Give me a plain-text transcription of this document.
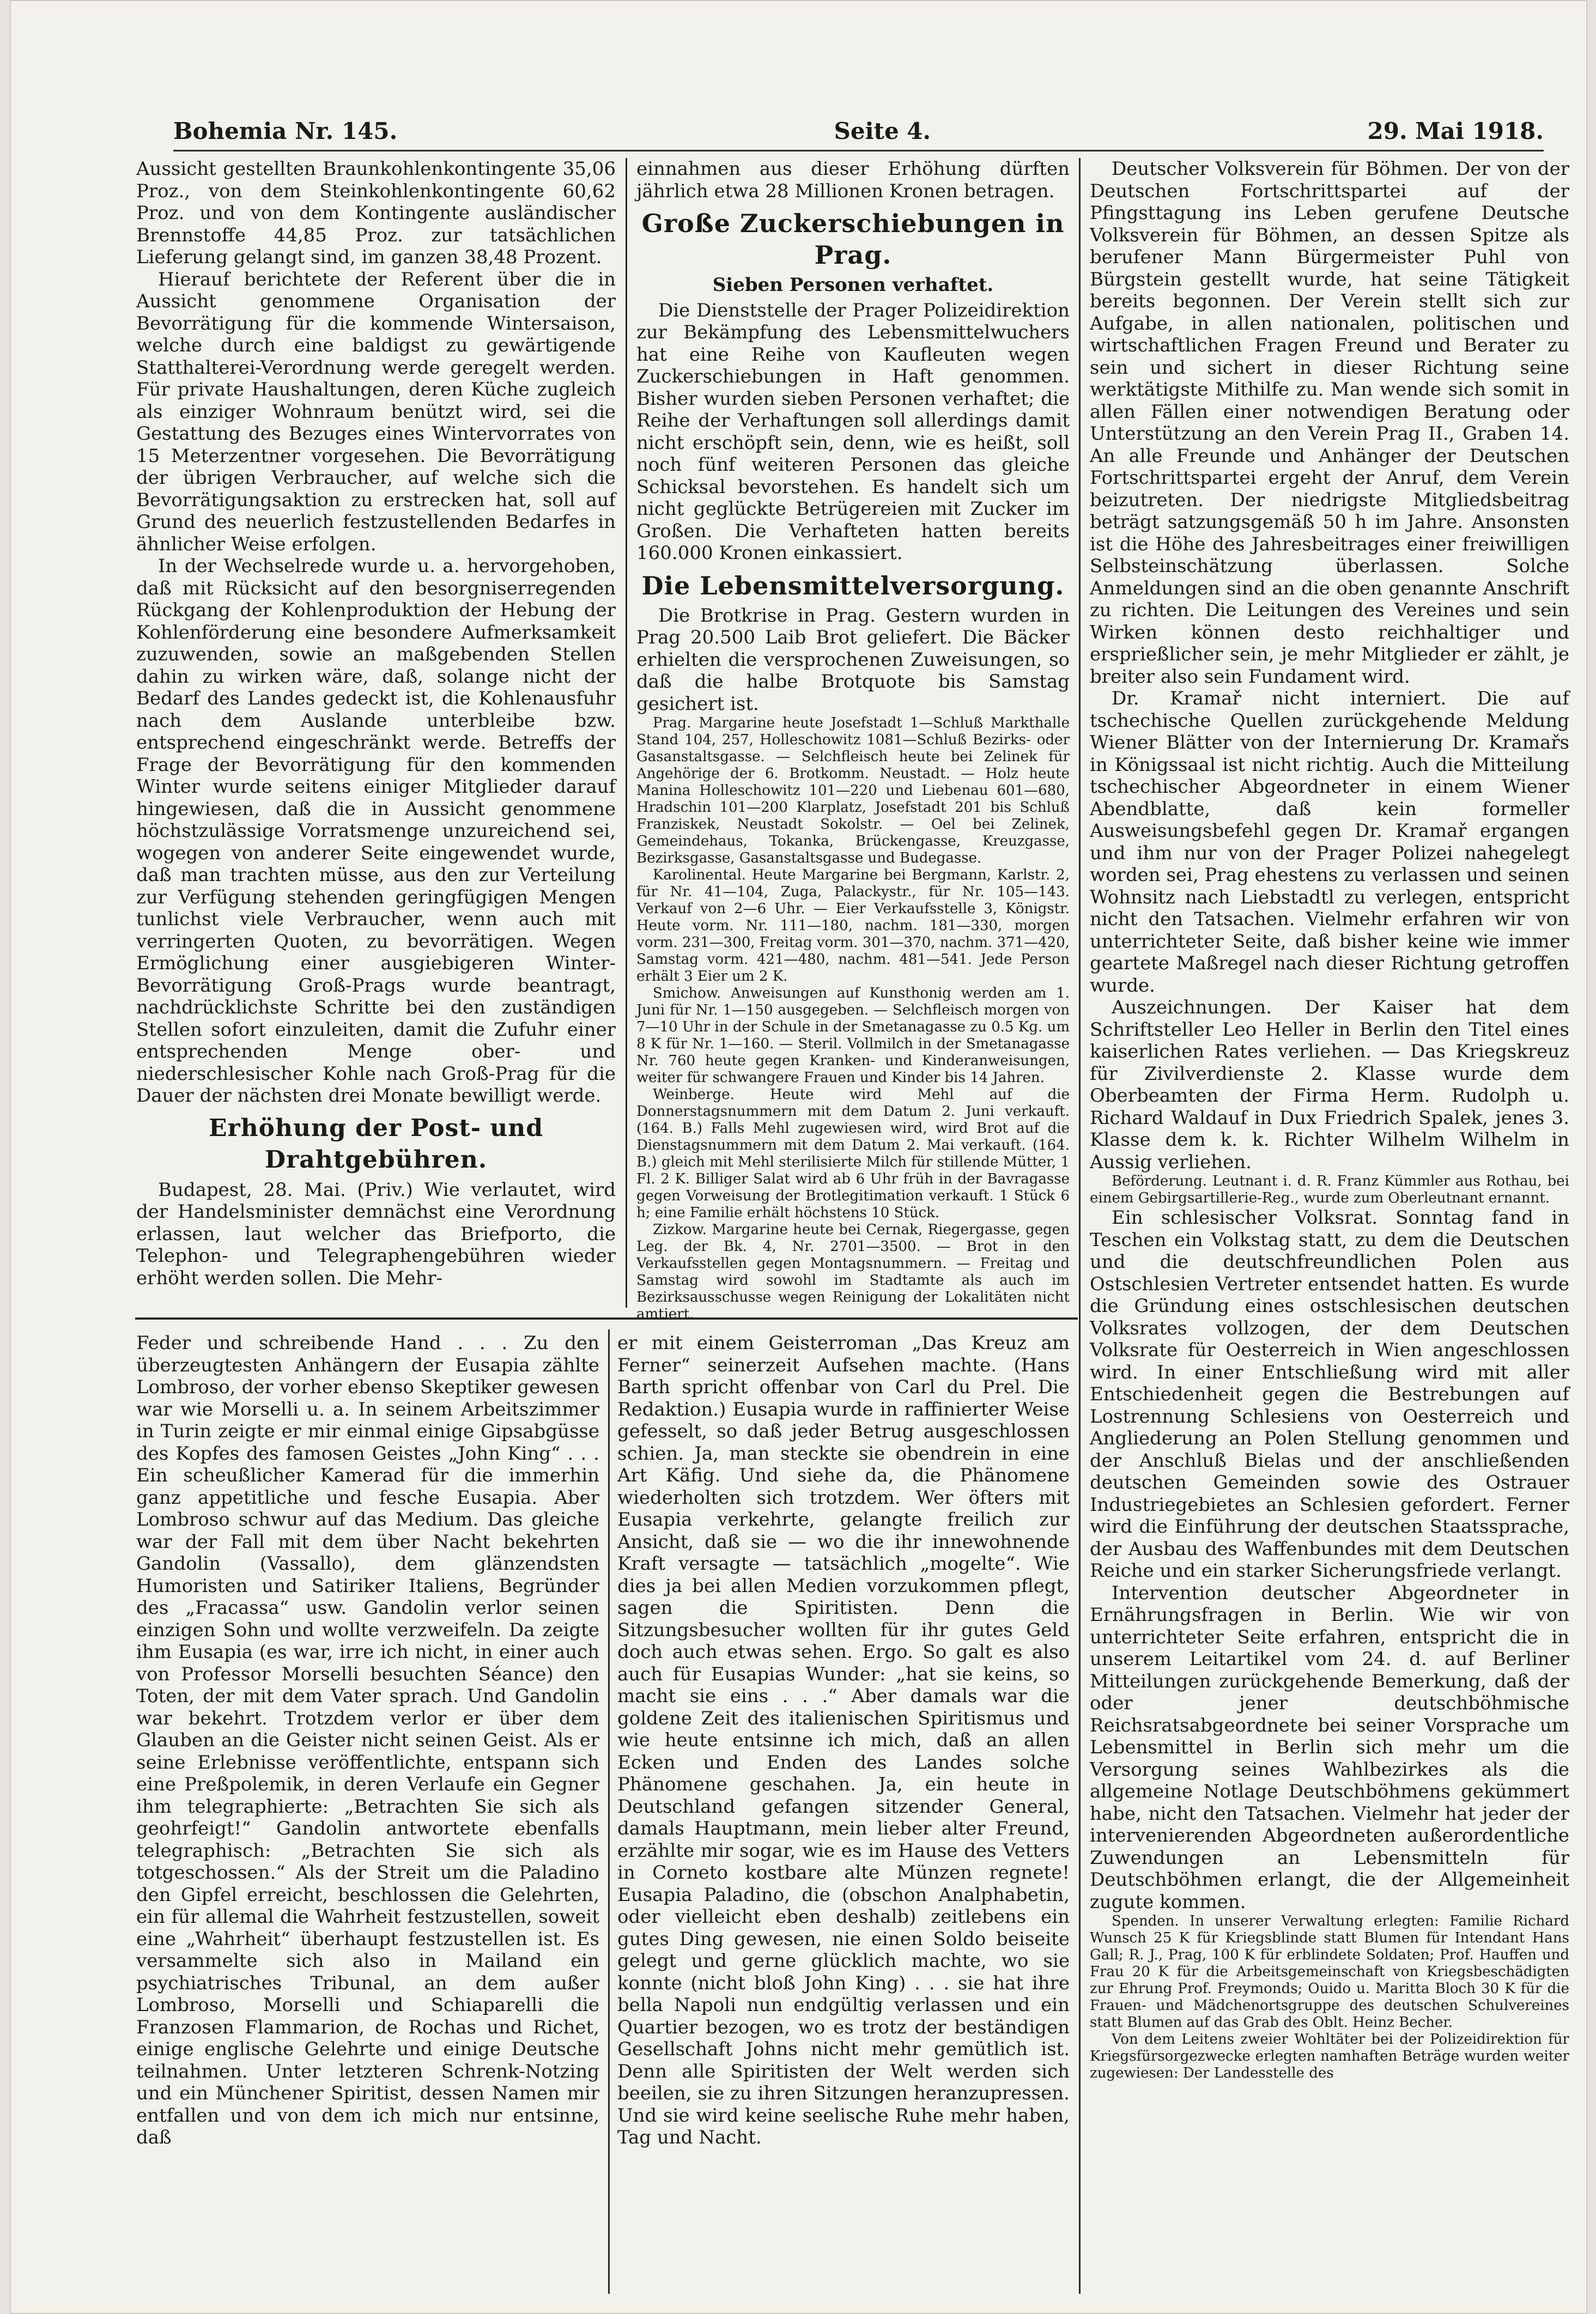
Bohemia Nr. 145.	Seite 4.	29. Mai 1918.

Aussicht gestellten Braunkohlenkontingente 35,06 Proz., von dem Steinkohlenkontingente 60,62 Proz. und von dem Kontingente ausländischer Brennstoffe 44,85 Proz. zur tatsächlichen Lieferung gelangt sind, im ganzen 38,48 Prozent.

Hierauf berichtete der Referent über die in Aussicht genommene Organisation der Bevorrätigung für die kommende Wintersaison, welche durch eine baldigst zu gewärtigende Statthalterei-Verordnung werde geregelt werden. Für private Haushaltungen, deren Küche zugleich als einziger Wohnraum benützt wird, sei die Gestattung des Bezuges eines Wintervorrates von 15 Meterzentner vorgesehen. Die Bevorrätigung der übrigen Verbraucher, auf welche sich die Bevorrätigungsaktion zu erstrecken hat, soll auf Grund des neuerlich festzustellenden Bedarfes in ähnlicher Weise erfolgen.

In der Wechselrede wurde u. a. hervorgehoben, daß mit Rücksicht auf den besorgniserregenden Rückgang der Kohlenproduktion der Hebung der Kohlenförderung eine besondere Aufmerksamkeit zuzuwenden, sowie an maßgebenden Stellen dahin zu wirken wäre, daß, solange nicht der Bedarf des Landes gedeckt ist, die Kohlenausfuhr nach dem Auslande unterbleibe bzw. entsprechend eingeschränkt werde. Betreffs der Frage der Bevorrätigung für den kommenden Winter wurde seitens einiger Mitglieder darauf hingewiesen, daß die in Aussicht genommene höchstzulässige Vorratsmenge unzureichend sei, wogegen von anderer Seite eingewendet wurde, daß man trachten müsse, aus den zur Verteilung zur Verfügung stehenden geringfügigen Mengen tunlichst viele Verbraucher, wenn auch mit verringerten Quoten, zu bevorrätigen. Wegen Ermöglichung einer ausgiebigeren Winter-Bevorrätigung Groß-Prags wurde beantragt, nachdrücklichste Schritte bei den zuständigen Stellen sofort einzuleiten, damit die Zufuhr einer entsprechenden Menge ober- und niederschlesischer Kohle nach Groß-Prag für die Dauer der nächsten drei Monate bewilligt werde.

Erhöhung der Post- und Drahtgebühren.

Budapest, 28. Mai. (Priv.) Wie verlautet, wird der Handelsminister demnächst eine Verordnung erlassen, laut welcher das Briefporto, die Telephon- und Telegraphengebühren wieder erhöht werden sollen. Die Mehr-

einnahmen aus dieser Erhöhung dürften jährlich etwa 28 Millionen Kronen betragen.

Große Zuckerschiebungen in Prag.
Sieben Personen verhaftet.

Die Dienststelle der Prager Polizeidirektion zur Bekämpfung des Lebensmittelwuchers hat eine Reihe von Kaufleuten wegen Zuckerschiebungen in Haft genommen. Bisher wurden sieben Personen verhaftet; die Reihe der Verhaftungen soll allerdings damit nicht erschöpft sein, denn, wie es heißt, soll noch fünf weiteren Personen das gleiche Schicksal bevorstehen. Es handelt sich um nicht geglückte Betrügereien mit Zucker im Großen. Die Verhafteten hatten bereits 160.000 Kronen einkassiert.

Die Lebensmittelversorgung.

Die Brotkrise in Prag. Gestern wurden in Prag 20.500 Laib Brot geliefert. Die Bäcker erhielten die versprochenen Zuweisungen, so daß die halbe Brotquote bis Samstag gesichert ist.

Prag. Margarine heute Josefstadt 1—Schluß Markthalle Stand 104, 257, Holleschowitz 1081—Schluß Bezirks- oder Gasanstaltsgasse. — Selchfleisch heute bei Zelinek für Angehörige der 6. Brotkomm. Neustadt. — Holz heute Manina Holleschowitz 101—220 und Liebenau 601—680, Hradschin 101—200 Klarplatz, Josefstadt 201 bis Schluß Franziskek, Neustadt Sokolstr. — Oel bei Zelinek, Gemeindehaus, Tokanka, Brückengasse, Kreuzgasse, Bezirksgasse, Gasanstaltsgasse und Budegasse.

Karolinental. Heute Margarine bei Bergmann, Karlstr. 2, für Nr. 41—104, Zuga, Palackystr., für Nr. 105—143. Verkauf von 2—6 Uhr. — Eier Verkaufsstelle 3, Königstr. Heute vorm. Nr. 111—180, nachm. 181—330, morgen vorm. 231—300, Freitag vorm. 301—370, nachm. 371—420, Samstag vorm. 421—480, nachm. 481—541. Jede Person erhält 3 Eier um 2 K.

Smichow. Anweisungen auf Kunsthonig werden am 1. Juni für Nr. 1—150 ausgegeben. — Selchfleisch morgen von 7—10 Uhr in der Schule in der Smetanagasse zu 0.5 Kg. um 8 K für Nr. 1—160. — Steril. Vollmilch in der Smetanagasse Nr. 760 heute gegen Kranken- und Kinderanweisungen, weiter für schwangere Frauen und Kinder bis 14 Jahren.

Weinberge. Heute wird Mehl auf die Donnerstagsnummern mit dem Datum 2. Juni verkauft. (164. B.) Falls Mehl zugewiesen wird, wird Brot auf die Dienstagsnummern mit dem Datum 2. Mai verkauft. (164. B.) gleich mit Mehl sterilisierte Milch für stillende Mütter, 1 Fl. 2 K. Billiger Salat wird ab 6 Uhr früh in der Bavragasse gegen Vorweisung der Brotlegitimation verkauft. 1 Stück 6 h; eine Familie erhält höchstens 10 Stück.

Zizkow. Margarine heute bei Cernak, Riegergasse, gegen Leg. der Bk. 4, Nr. 2701—3500. — Brot in den Verkaufsstellen gegen Montagsnummern. — Freitag und Samstag wird sowohl im Stadtamte als auch im Bezirksausschusse wegen Reinigung der Lokalitäten nicht amtiert.

Deutscher Volksverein für Böhmen. Der von der Deutschen Fortschrittspartei auf der Pfingsttagung ins Leben gerufene Deutsche Volksverein für Böhmen, an dessen Spitze als berufener Mann Bürgermeister Puhl von Bürgstein gestellt wurde, hat seine Tätigkeit bereits begonnen. Der Verein stellt sich zur Aufgabe, in allen nationalen, politischen und wirtschaftlichen Fragen Freund und Berater zu sein und sichert in dieser Richtung seine werktätigste Mithilfe zu. Man wende sich somit in allen Fällen einer notwendigen Beratung oder Unterstützung an den Verein Prag II., Graben 14. An alle Freunde und Anhänger der Deutschen Fortschrittspartei ergeht der Anruf, dem Verein beizutreten. Der niedrigste Mitgliedsbeitrag beträgt satzungsgemäß 50 h im Jahre. Ansonsten ist die Höhe des Jahresbeitrages einer freiwilligen Selbsteinschätzung überlassen. Solche Anmeldungen sind an die oben genannte Anschrift zu richten. Die Leitungen des Vereines und sein Wirken können desto reichhaltiger und ersprießlicher sein, je mehr Mitglieder er zählt, je breiter also sein Fundament wird.

Dr. Kramař nicht interniert. Die auf tschechische Quellen zurückgehende Meldung Wiener Blätter von der Internierung Dr. Kramařs in Königssaal ist nicht richtig. Auch die Mitteilung tschechischer Abgeordneter in einem Wiener Abendblatte, daß kein formeller Ausweisungsbefehl gegen Dr. Kramař ergangen und ihm nur von der Prager Polizei nahegelegt worden sei, Prag ehestens zu verlassen und seinen Wohnsitz nach Liebstadtl zu verlegen, entspricht nicht den Tatsachen. Vielmehr erfahren wir von unterrichteter Seite, daß bisher keine wie immer geartete Maßregel nach dieser Richtung getroffen wurde.

Auszeichnungen. Der Kaiser hat dem Schriftsteller Leo Heller in Berlin den Titel eines kaiserlichen Rates verliehen. — Das Kriegskreuz für Zivilverdienste 2. Klasse wurde dem Oberbeamten der Firma Herm. Rudolph u. Richard Waldauf in Dux Friedrich Spalek, jenes 3. Klasse dem k. k. Richter Wilhelm Wilhelm in Aussig verliehen.

Beförderung. Leutnant i. d. R. Franz Kümmler aus Rothau, bei einem Gebirgsartillerie-Reg., wurde zum Oberleutnant ernannt.

Ein schlesischer Volksrat. Sonntag fand in Teschen ein Volkstag statt, zu dem die Deutschen und die deutschfreundlichen Polen aus Ostschlesien Vertreter entsendet hatten. Es wurde die Gründung eines ostschlesischen deutschen Volksrates vollzogen, der dem Deutschen Volksrate für Oesterreich in Wien angeschlossen wird. In einer Entschließung wird mit aller Entschiedenheit gegen die Bestrebungen auf Lostrennung Schlesiens von Oesterreich und Angliederung an Polen Stellung genommen und der Anschluß Bielas und der anschließenden deutschen Gemeinden sowie des Ostrauer Industriegebietes an Schlesien gefordert. Ferner wird die Einführung der deutschen Staatssprache, der Ausbau des Waffenbundes mit dem Deutschen Reiche und ein starker Sicherungsfriede verlangt.

Intervention deutscher Abgeordneter in Ernährungsfragen in Berlin. Wie wir von unterrichteter Seite erfahren, entspricht die in unserem Leitartikel vom 24. d. auf Berliner Mitteilungen zurückgehende Bemerkung, daß der oder jener deutschböhmische Reichsratsabgeordnete bei seiner Vorsprache um Lebensmittel in Berlin sich mehr um die Versorgung seines Wahlbezirkes als die allgemeine Notlage Deutschböhmens gekümmert habe, nicht den Tatsachen. Vielmehr hat jeder der intervenierenden Abgeordneten außerordentliche Zuwendungen an Lebensmitteln für Deutschböhmen erlangt, die der Allgemeinheit zugute kommen.

Spenden. In unserer Verwaltung erlegten: Familie Richard Wunsch 25 K für Kriegsblinde statt Blumen für Intendant Hans Gall; R. J., Prag, 100 K für erblindete Soldaten; Prof. Hauffen und Frau 20 K für die Arbeitsgemeinschaft von Kriegsbeschädigten zur Ehrung Prof. Freymonds; Ouido u. Maritta Bloch 30 K für die Frauen- und Mädchenortsgruppe des deutschen Schulvereines statt Blumen auf das Grab des Oblt. Heinz Becher.

Von dem Leitens zweier Wohltäter bei der Polizeidirektion für Kriegsfürsorgezwecke erlegten namhaften Beträge wurden weiter zugewiesen: Der Landesstelle des

Feder und schreibende Hand . . . Zu den überzeugtesten Anhängern der Eusapia zählte Lombroso, der vorher ebenso Skeptiker gewesen war wie Morselli u. a. In seinem Arbeitszimmer in Turin zeigte er mir einmal einige Gipsabgüsse des Kopfes des famosen Geistes „John King“ . . . Ein scheußlicher Kamerad für die immerhin ganz appetitliche und fesche Eusapia. Aber Lombroso schwur auf das Medium. Das gleiche war der Fall mit dem über Nacht bekehrten Gandolin (Vassallo), dem glänzendsten Humoristen und Satiriker Italiens, Begründer des „Fracassa“ usw. Gandolin verlor seinen einzigen Sohn und wollte verzweifeln. Da zeigte ihm Eusapia (es war, irre ich nicht, in einer auch von Professor Morselli besuchten Séance) den Toten, der mit dem Vater sprach. Und Gandolin war bekehrt. Trotzdem verlor er über dem Glauben an die Geister nicht seinen Geist. Als er seine Erlebnisse veröffentlichte, entspann sich eine Preßpolemik, in deren Verlaufe ein Gegner ihm telegraphierte: „Betrachten Sie sich als geohrfeigt!“ Gandolin antwortete ebenfalls telegraphisch: „Betrachten Sie sich als totgeschossen.“ Als der Streit um die Paladino den Gipfel erreicht, beschlossen die Gelehrten, ein für allemal die Wahrheit festzustellen, soweit eine „Wahrheit“ überhaupt festzustellen ist. Es versammelte sich also in Mailand ein psychiatrisches Tribunal, an dem außer Lombroso, Morselli und Schiaparelli die Franzosen Flammarion, de Rochas und Richet, einige englische Gelehrte und einige Deutsche teilnahmen. Unter letzteren Schrenk-Notzing und ein Münchener Spiritist, dessen Namen mir entfallen und von dem ich mich nur entsinne, daß

er mit einem Geisterroman „Das Kreuz am Ferner“ seinerzeit Aufsehen machte. (Hans Barth spricht offenbar von Carl du Prel. Die Redaktion.) Eusapia wurde in raffinierter Weise gefesselt, so daß jeder Betrug ausgeschlossen schien. Ja, man steckte sie obendrein in eine Art Käfig. Und siehe da, die Phänomene wiederholten sich trotzdem. Wer öfters mit Eusapia verkehrte, gelangte freilich zur Ansicht, daß sie — wo die ihr innewohnende Kraft versagte — tatsächlich „mogelte“. Wie dies ja bei allen Medien vorzukommen pflegt, sagen die Spiritisten. Denn die Sitzungsbesucher wollten für ihr gutes Geld doch auch etwas sehen. Ergo. So galt es also auch für Eusapias Wunder: „hat sie keins, so macht sie eins . . .“ Aber damals war die goldene Zeit des italienischen Spiritismus und wie heute entsinne ich mich, daß an allen Ecken und Enden des Landes solche Phänomene geschahen. Ja, ein heute in Deutschland gefangen sitzender General, damals Hauptmann, mein lieber alter Freund, erzählte mir sogar, wie es im Hause des Vetters in Corneto kostbare alte Münzen regnete! Eusapia Paladino, die (obschon Analphabetin, oder vielleicht eben deshalb) zeitlebens ein gutes Ding gewesen, nie einen Soldo beiseite gelegt und gerne glücklich machte, wo sie konnte (nicht bloß John King) . . . sie hat ihre bella Napoli nun endgültig verlassen und ein Quartier bezogen, wo es trotz der beständigen Gesellschaft Johns nicht mehr gemütlich ist. Denn alle Spiritisten der Welt werden sich beeilen, sie zu ihren Sitzungen heranzupressen. Und sie wird keine seelische Ruhe mehr haben, Tag und Nacht.
